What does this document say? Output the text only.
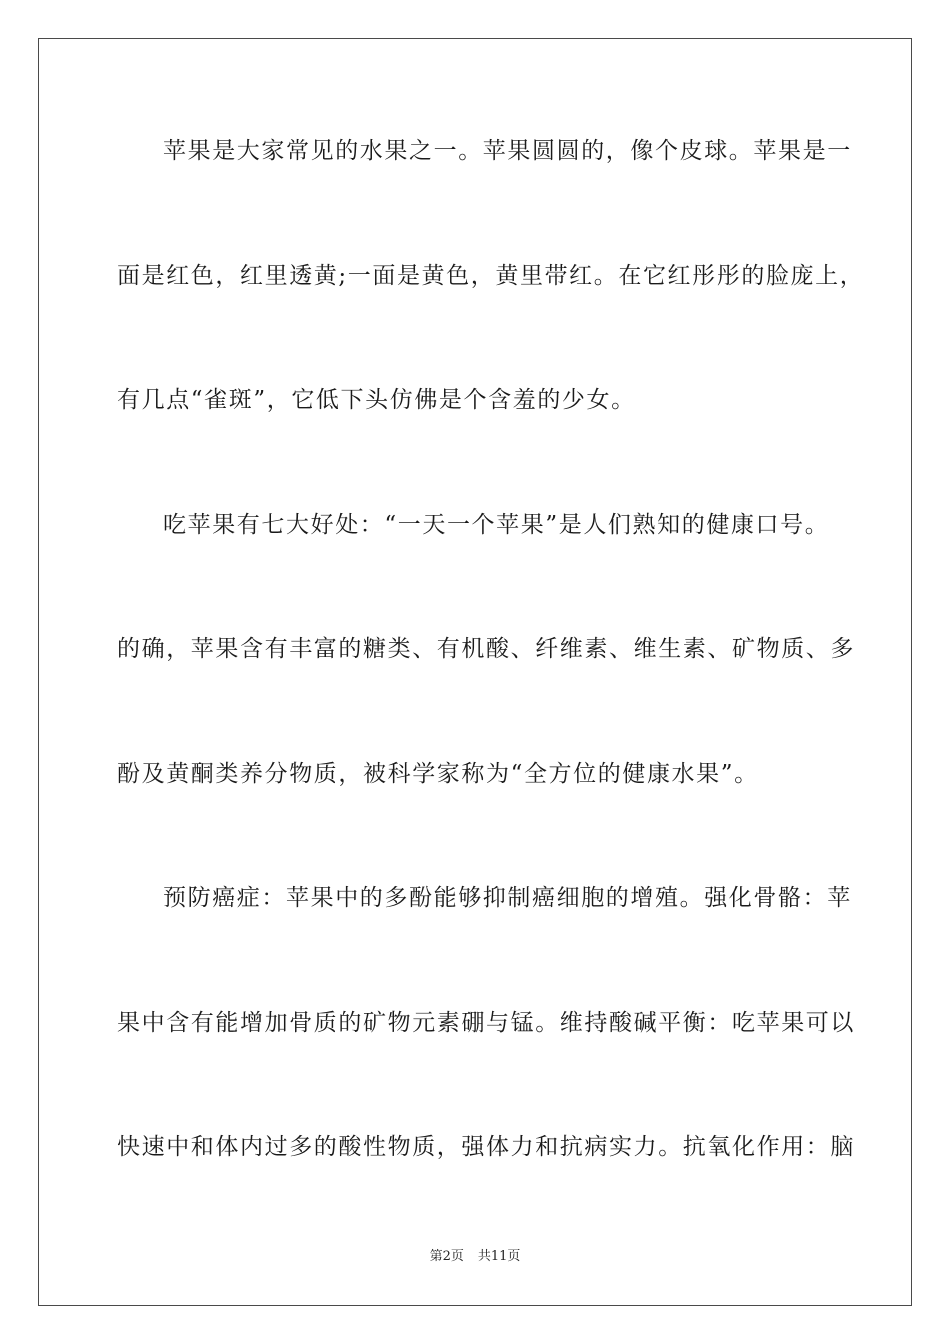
苹果是大家常见的水果之一。苹果圆圆的，像个皮球。苹果是一
面是红色，红里透黄;一面是黄色，黄里带红。在它红彤彤的脸庞上，
有几点“雀斑”，它低下头仿佛是个含羞的少女。
吃苹果有七大好处：“一天一个苹果”是人们熟知的健康口号。
的确，苹果含有丰富的糖类、有机酸、纤维素、维生素、矿物质、多
酚及黄酮类养分物质，被科学家称为“全方位的健康水果”。
预防癌症：苹果中的多酚能够抑制癌细胞的增殖。强化骨骼：苹
果中含有能增加骨质的矿物元素硼与锰。维持酸碱平衡：吃苹果可以
快速中和体内过多的酸性物质，强体力和抗病实力。抗氧化作用：脑
第2页 共11页
